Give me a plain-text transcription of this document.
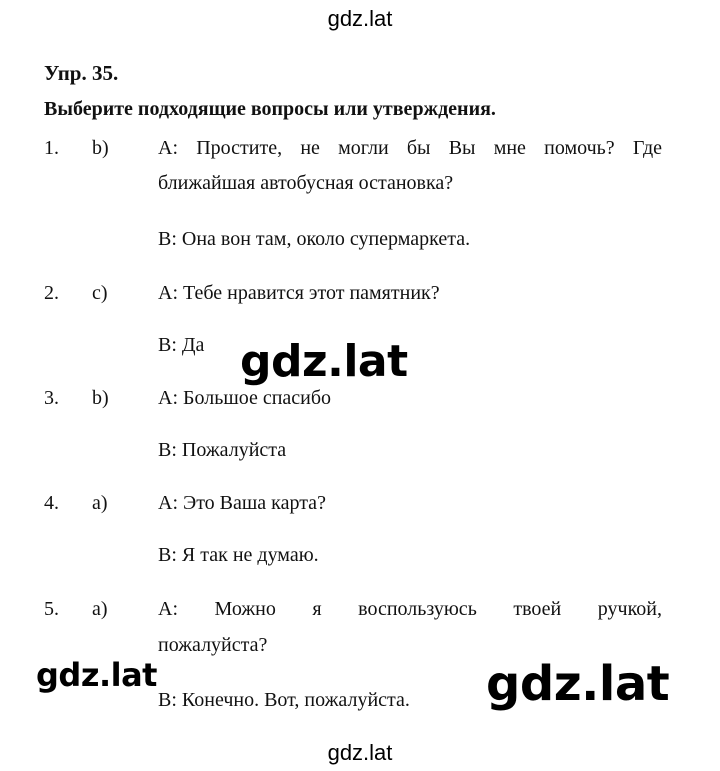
gdz.lat
Упр. 35.
Выберите подходящие вопросы или утверждения.
1. b) A: Простите, не могли бы Вы мне помочь? Где
ближайшая автобусная остановка?
B: Она вон там, около супермаркета.
2. c)	A: Тебе нравится этот памятник?
B: Да
3. b) A: Большое спасибо
B: Пожалуйста
4. a)	A: Это Ваша карта?
B: Я так не думаю.
5. a)	A: Можно я воспользуюсь твоей ручкой,
пожалуйста?
B: Конечно. Вот, пожалуйста.
gdz.lat
gdz.lat	gdz.lat
gdz.lat
